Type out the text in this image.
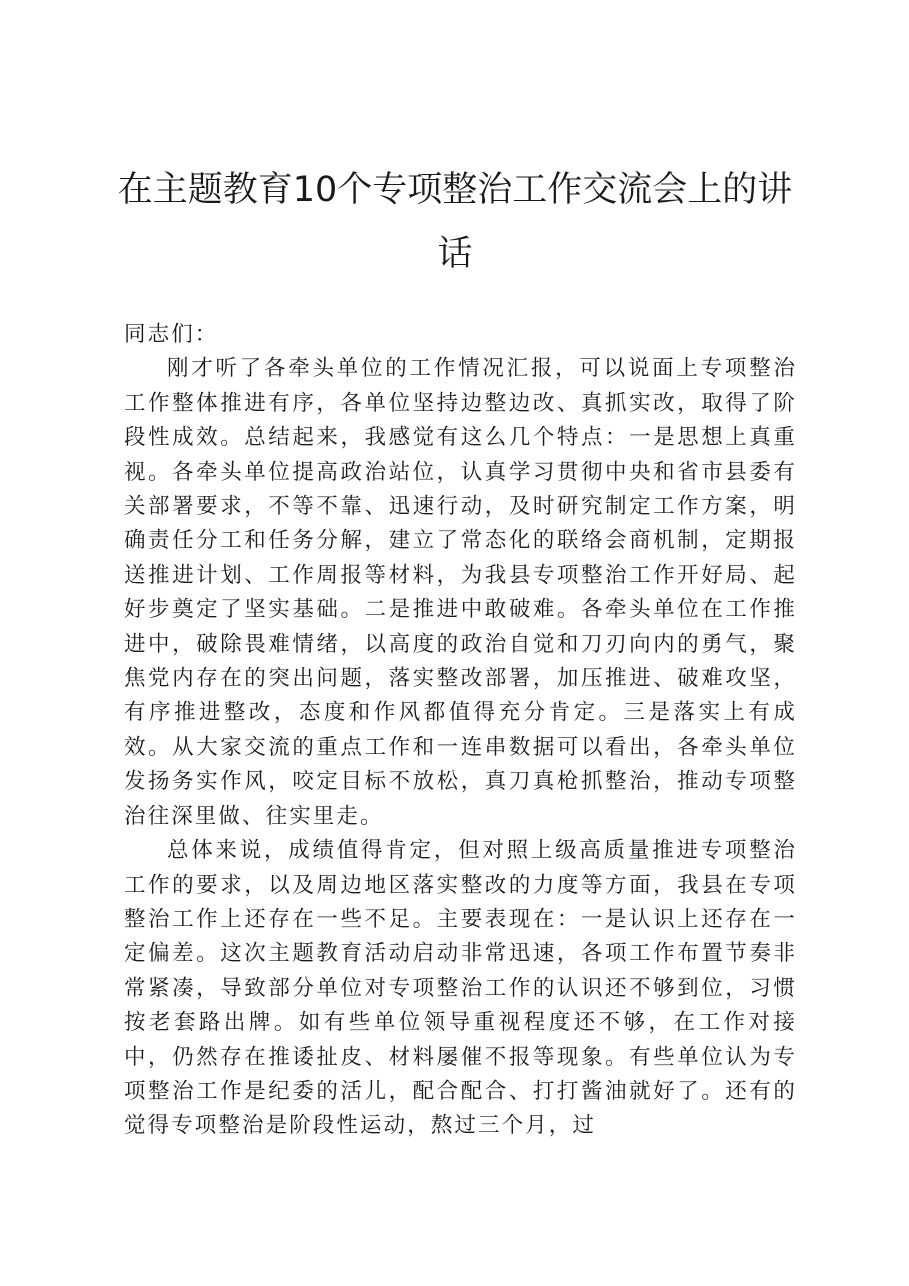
在主题教育10个专项整治工作交流会上的讲话

同志们：

刚才听了各牵头单位的工作情况汇报，可以说面上专项整治工作整体推进有序，各单位坚持边整边改、真抓实改，取得了阶段性成效。总结起来，我感觉有这么几个特点：一是思想上真重视。各牵头单位提高政治站位，认真学习贯彻中央和省市县委有关部署要求，不等不靠、迅速行动，及时研究制定工作方案，明确责任分工和任务分解，建立了常态化的联络会商机制，定期报送推进计划、工作周报等材料，为我县专项整治工作开好局、起好步奠定了坚实基础。二是推进中敢破难。各牵头单位在工作推进中，破除畏难情绪，以高度的政治自觉和刀刃向内的勇气，聚焦党内存在的突出问题，落实整改部署，加压推进、破难攻坚，有序推进整改，态度和作风都值得充分肯定。三是落实上有成效。从大家交流的重点工作和一连串数据可以看出，各牵头单位发扬务实作风，咬定目标不放松，真刀真枪抓整治，推动专项整治往深里做、往实里走。

总体来说，成绩值得肯定，但对照上级高质量推进专项整治工作的要求，以及周边地区落实整改的力度等方面，我县在专项整治工作上还存在一些不足。主要表现在：一是认识上还存在一定偏差。这次主题教育活动启动非常迅速，各项工作布置节奏非常紧凑，导致部分单位对专项整治工作的认识还不够到位，习惯按老套路出牌。如有些单位领导重视程度还不够，在工作对接中，仍然存在推诿扯皮、材料屡催不报等现象。有些单位认为专项整治工作是纪委的活儿，配合配合、打打酱油就好了。还有的觉得专项整治是阶段性运动，熬过三个月，过
